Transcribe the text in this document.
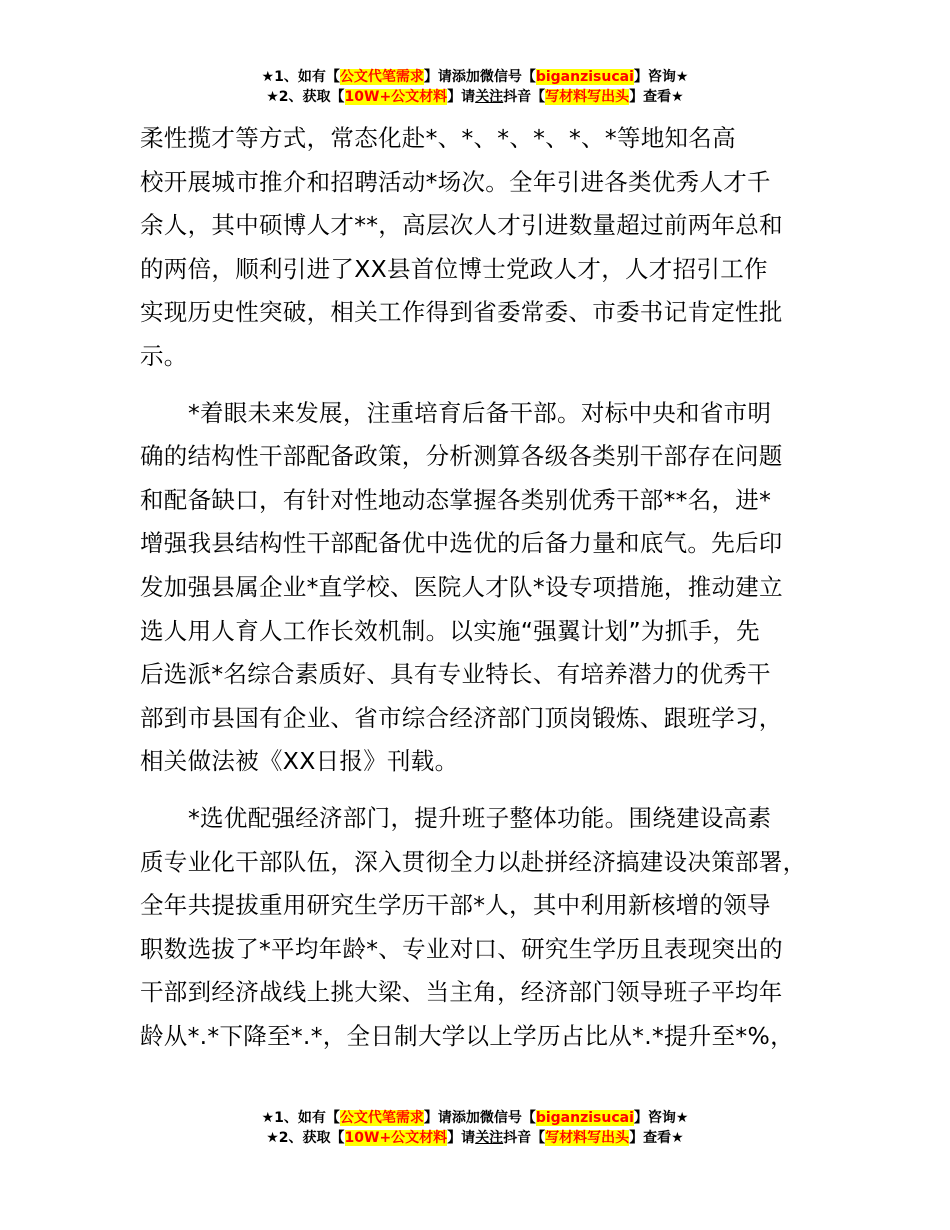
★1、如有【公文代笔需求】请添加微信号【biganzisucai】咨询★
★2、获取【10W+公文材料】请关注抖音【写材料写出头】查看★
柔性揽才等方式，常态化赴*、*、*、*、*、*等地知名高
校开展城市推介和招聘活动*场次。全年引进各类优秀人才千
余人，其中硕博人才**，高层次人才引进数量超过前两年总和
的两倍，顺利引进了XX县首位博士党政人才，人才招引工作
实现历史性突破，相关工作得到省委常委、市委书记肯定性批
示。
*着眼未来发展，注重培育后备干部。对标中央和省市明
确的结构性干部配备政策，分析测算各级各类别干部存在问题
和配备缺口，有针对性地动态掌握各类别优秀干部**名，进*
增强我县结构性干部配备优中选优的后备力量和底气。先后印
发加强县属企业*直学校、医院人才队*设专项措施，推动建立
选人用人育人工作长效机制。以实施“强翼计划”为抓手，先
后选派*名综合素质好、具有专业特长、有培养潜力的优秀干
部到市县国有企业、省市综合经济部门顶岗锻炼、跟班学习，
相关做法被《XX日报》刊载。
*选优配强经济部门，提升班子整体功能。围绕建设高素
质专业化干部队伍，深入贯彻全力以赴拼经济搞建设决策部署，
全年共提拔重用研究生学历干部*人，其中利用新核增的领导
职数选拔了*平均年龄*、专业对口、研究生学历且表现突出的
干部到经济战线上挑大梁、当主角，经济部门领导班子平均年
龄从*.*下降至*.*，全日制大学以上学历占比从*.*提升至*%，
★1、如有【公文代笔需求】请添加微信号【biganzisucai】咨询★
★2、获取【10W+公文材料】请关注抖音【写材料写出头】查看★
